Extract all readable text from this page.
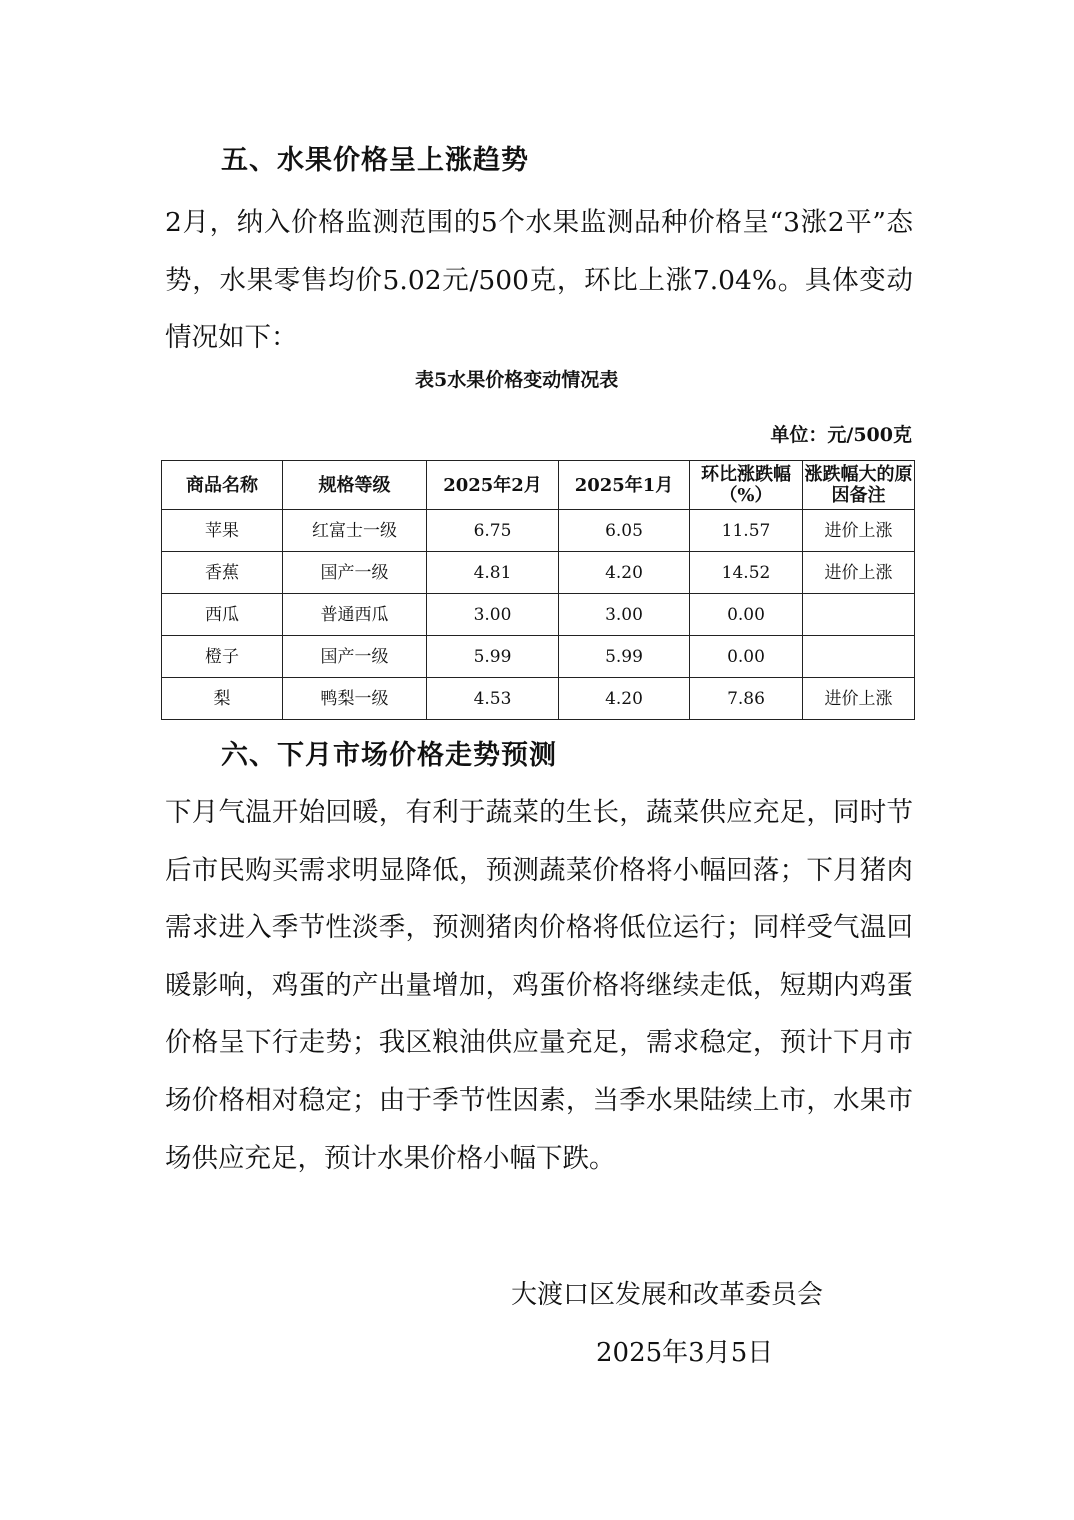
五、水果价格呈上涨趋势

2月，纳入价格监测范围的5个水果监测品种价格呈“3涨2平”态势，水果零售均价5.02元/500克，环比上涨7.04%。具体变动情况如下：

表5水果价格变动情况表
单位：元/500克
商品名称	规格等级	2025年2月	2025年1月	环比涨跌幅（%）	涨跌幅大的原因备注
苹果	红富士一级	6.75	6.05	11.57	进价上涨
香蕉	国产一级	4.81	4.20	14.52	进价上涨
西瓜	普通西瓜	3.00	3.00	0.00	
橙子	国产一级	5.99	5.99	0.00	
梨	鸭梨一级	4.53	4.20	7.86	进价上涨
六、下月市场价格走势预测

下月气温开始回暖，有利于蔬菜的生长，蔬菜供应充足，同时节后市民购买需求明显降低，预测蔬菜价格将小幅回落；下月猪肉需求进入季节性淡季，预测猪肉价格将低位运行；同样受气温回暖影响，鸡蛋的产出量增加，鸡蛋价格将继续走低，短期内鸡蛋价格呈下行走势；我区粮油供应量充足，需求稳定，预计下月市场价格相对稳定；由于季节性因素，当季水果陆续上市，水果市场供应充足，预计水果价格小幅下跌。

大渡口区发展和改革委员会
2025年3月5日
